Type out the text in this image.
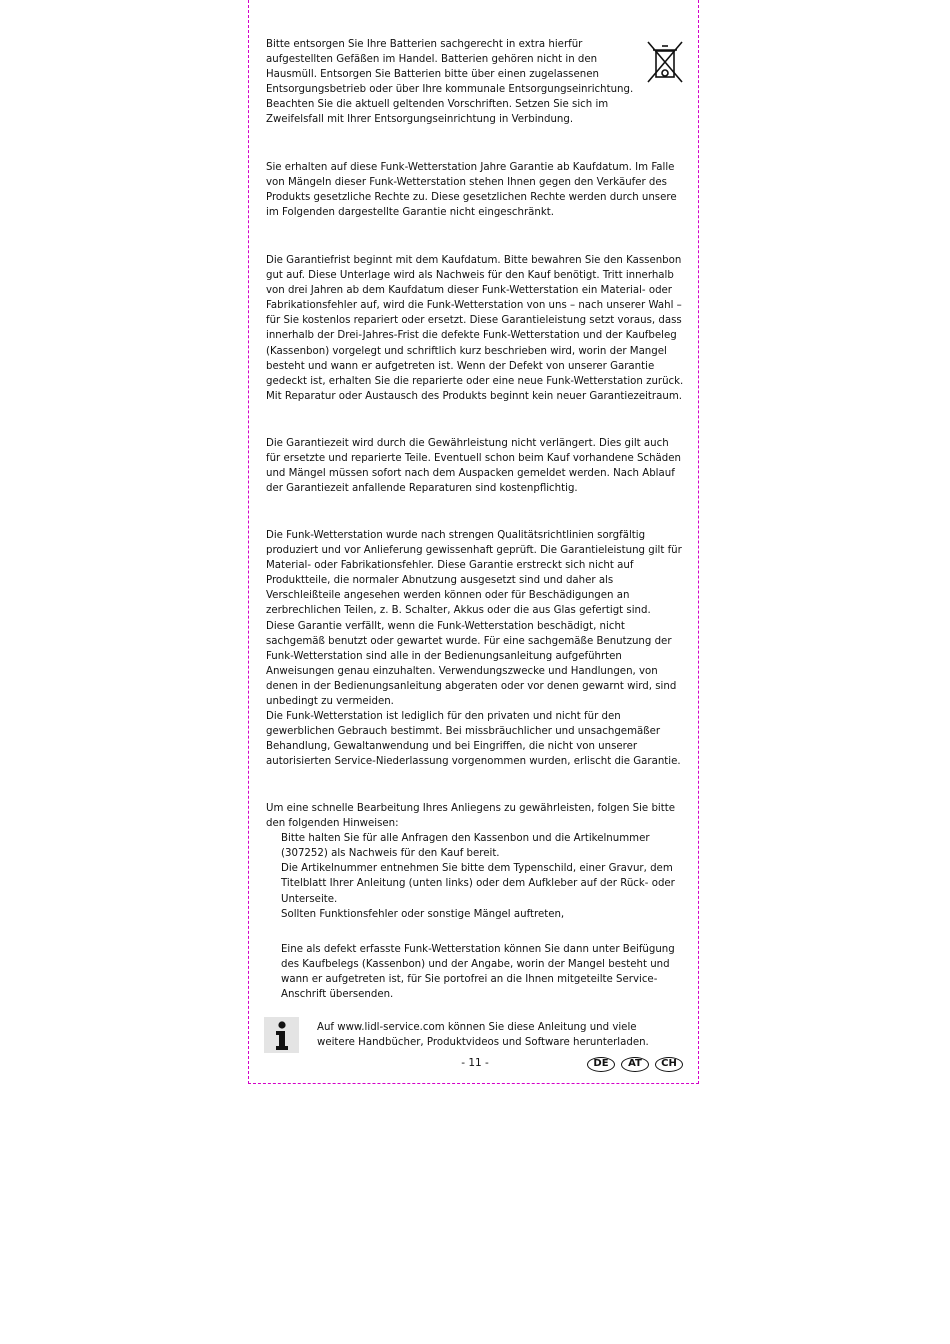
Bitte entsorgen Sie Ihre Batterien sachgerecht in extra hierfür aufgestellten Gefäßen im Handel. Batterien gehören nicht in den Hausmüll. Entsorgen Sie Batterien bitte über einen zugelassenen Entsorgungsbetrieb oder über Ihre kommunale Entsorgungseinrichtung. Beachten Sie die aktuell geltenden Vorschriften. Setzen Sie sich im Zweifelsfall mit Ihrer Entsorgungseinrichtung in Verbindung.

Sie erhalten auf diese Funk-Wetterstation Jahre Garantie ab Kaufdatum. Im Falle von Mängeln dieser Funk-Wetterstation stehen Ihnen gegen den Verkäufer des Produkts gesetzliche Rechte zu. Diese gesetzlichen Rechte werden durch unsere im Folgenden dargestellte Garantie nicht eingeschränkt.

Die Garantiefrist beginnt mit dem Kaufdatum. Bitte bewahren Sie den Kassenbon gut auf. Diese Unterlage wird als Nachweis für den Kauf benötigt. Tritt innerhalb von drei Jahren ab dem Kaufdatum dieser Funk-Wetterstation ein Material- oder Fabrikationsfehler auf, wird die Funk-Wetterstation von uns – nach unserer Wahl – für Sie kostenlos repariert oder ersetzt. Diese Garantieleistung setzt voraus, dass innerhalb der Drei-Jahres-Frist die defekte Funk-Wetterstation und der Kaufbeleg (Kassenbon) vorgelegt und schriftlich kurz beschrieben wird, worin der Mangel besteht und wann er aufgetreten ist. Wenn der Defekt von unserer Garantie gedeckt ist, erhalten Sie die reparierte oder eine neue Funk-Wetterstation zurück. Mit Reparatur oder Austausch des Produkts beginnt kein neuer Garantiezeitraum.

Die Garantiezeit wird durch die Gewährleistung nicht verlängert. Dies gilt auch für ersetzte und reparierte Teile. Eventuell schon beim Kauf vorhandene Schäden und Mängel müssen sofort nach dem Auspacken gemeldet werden. Nach Ablauf der Garantiezeit anfallende Reparaturen sind kostenpflichtig.

Die Funk-Wetterstation wurde nach strengen Qualitätsrichtlinien sorgfältig produziert und vor Anlieferung gewissenhaft geprüft. Die Garantieleistung gilt für Material- oder Fabrikationsfehler. Diese Garantie erstreckt sich nicht auf Produktteile, die normaler Abnutzung ausgesetzt sind und daher als Verschleißteile angesehen werden können oder für Beschädigungen an zerbrechlichen Teilen, z. B. Schalter, Akkus oder die aus Glas gefertigt sind.

Diese Garantie verfällt, wenn die Funk-Wetterstation beschädigt, nicht sachgemäß benutzt oder gewartet wurde. Für eine sachgemäße Benutzung der Funk-Wetterstation sind alle in der Bedienungsanleitung aufgeführten Anweisungen genau einzuhalten. Verwendungszwecke und Handlungen, von denen in der Bedienungsanleitung abgeraten oder vor denen gewarnt wird, sind unbedingt zu vermeiden.

Die Funk-Wetterstation ist lediglich für den privaten und nicht für den gewerblichen Gebrauch bestimmt. Bei missbräuchlicher und unsachgemäßer Behandlung, Gewaltanwendung und bei Eingriffen, die nicht von unserer autorisierten Service-Niederlassung vorgenommen wurden, erlischt die Garantie.

Um eine schnelle Bearbeitung Ihres Anliegens zu gewährleisten, folgen Sie bitte den folgenden Hinweisen:

Bitte halten Sie für alle Anfragen den Kassenbon und die Artikelnummer (307252) als Nachweis für den Kauf bereit.

Die Artikelnummer entnehmen Sie bitte dem Typenschild, einer Gravur, dem Titelblatt Ihrer Anleitung (unten links) oder dem Aufkleber auf der Rück- oder Unterseite.

Sollten Funktionsfehler oder sonstige Mängel auftreten,

Eine als defekt erfasste Funk-Wetterstation können Sie dann unter Beifügung des Kaufbelegs (Kassenbon) und der Angabe, worin der Mangel besteht und wann er aufgetreten ist, für Sie portofrei an die Ihnen mitgeteilte Service-Anschrift übersenden.

Auf www.lidl-service.com können Sie diese Anleitung und viele weitere Handbücher, Produktvideos und Software herunterladen.
- 11 -	DE	AT	CH
